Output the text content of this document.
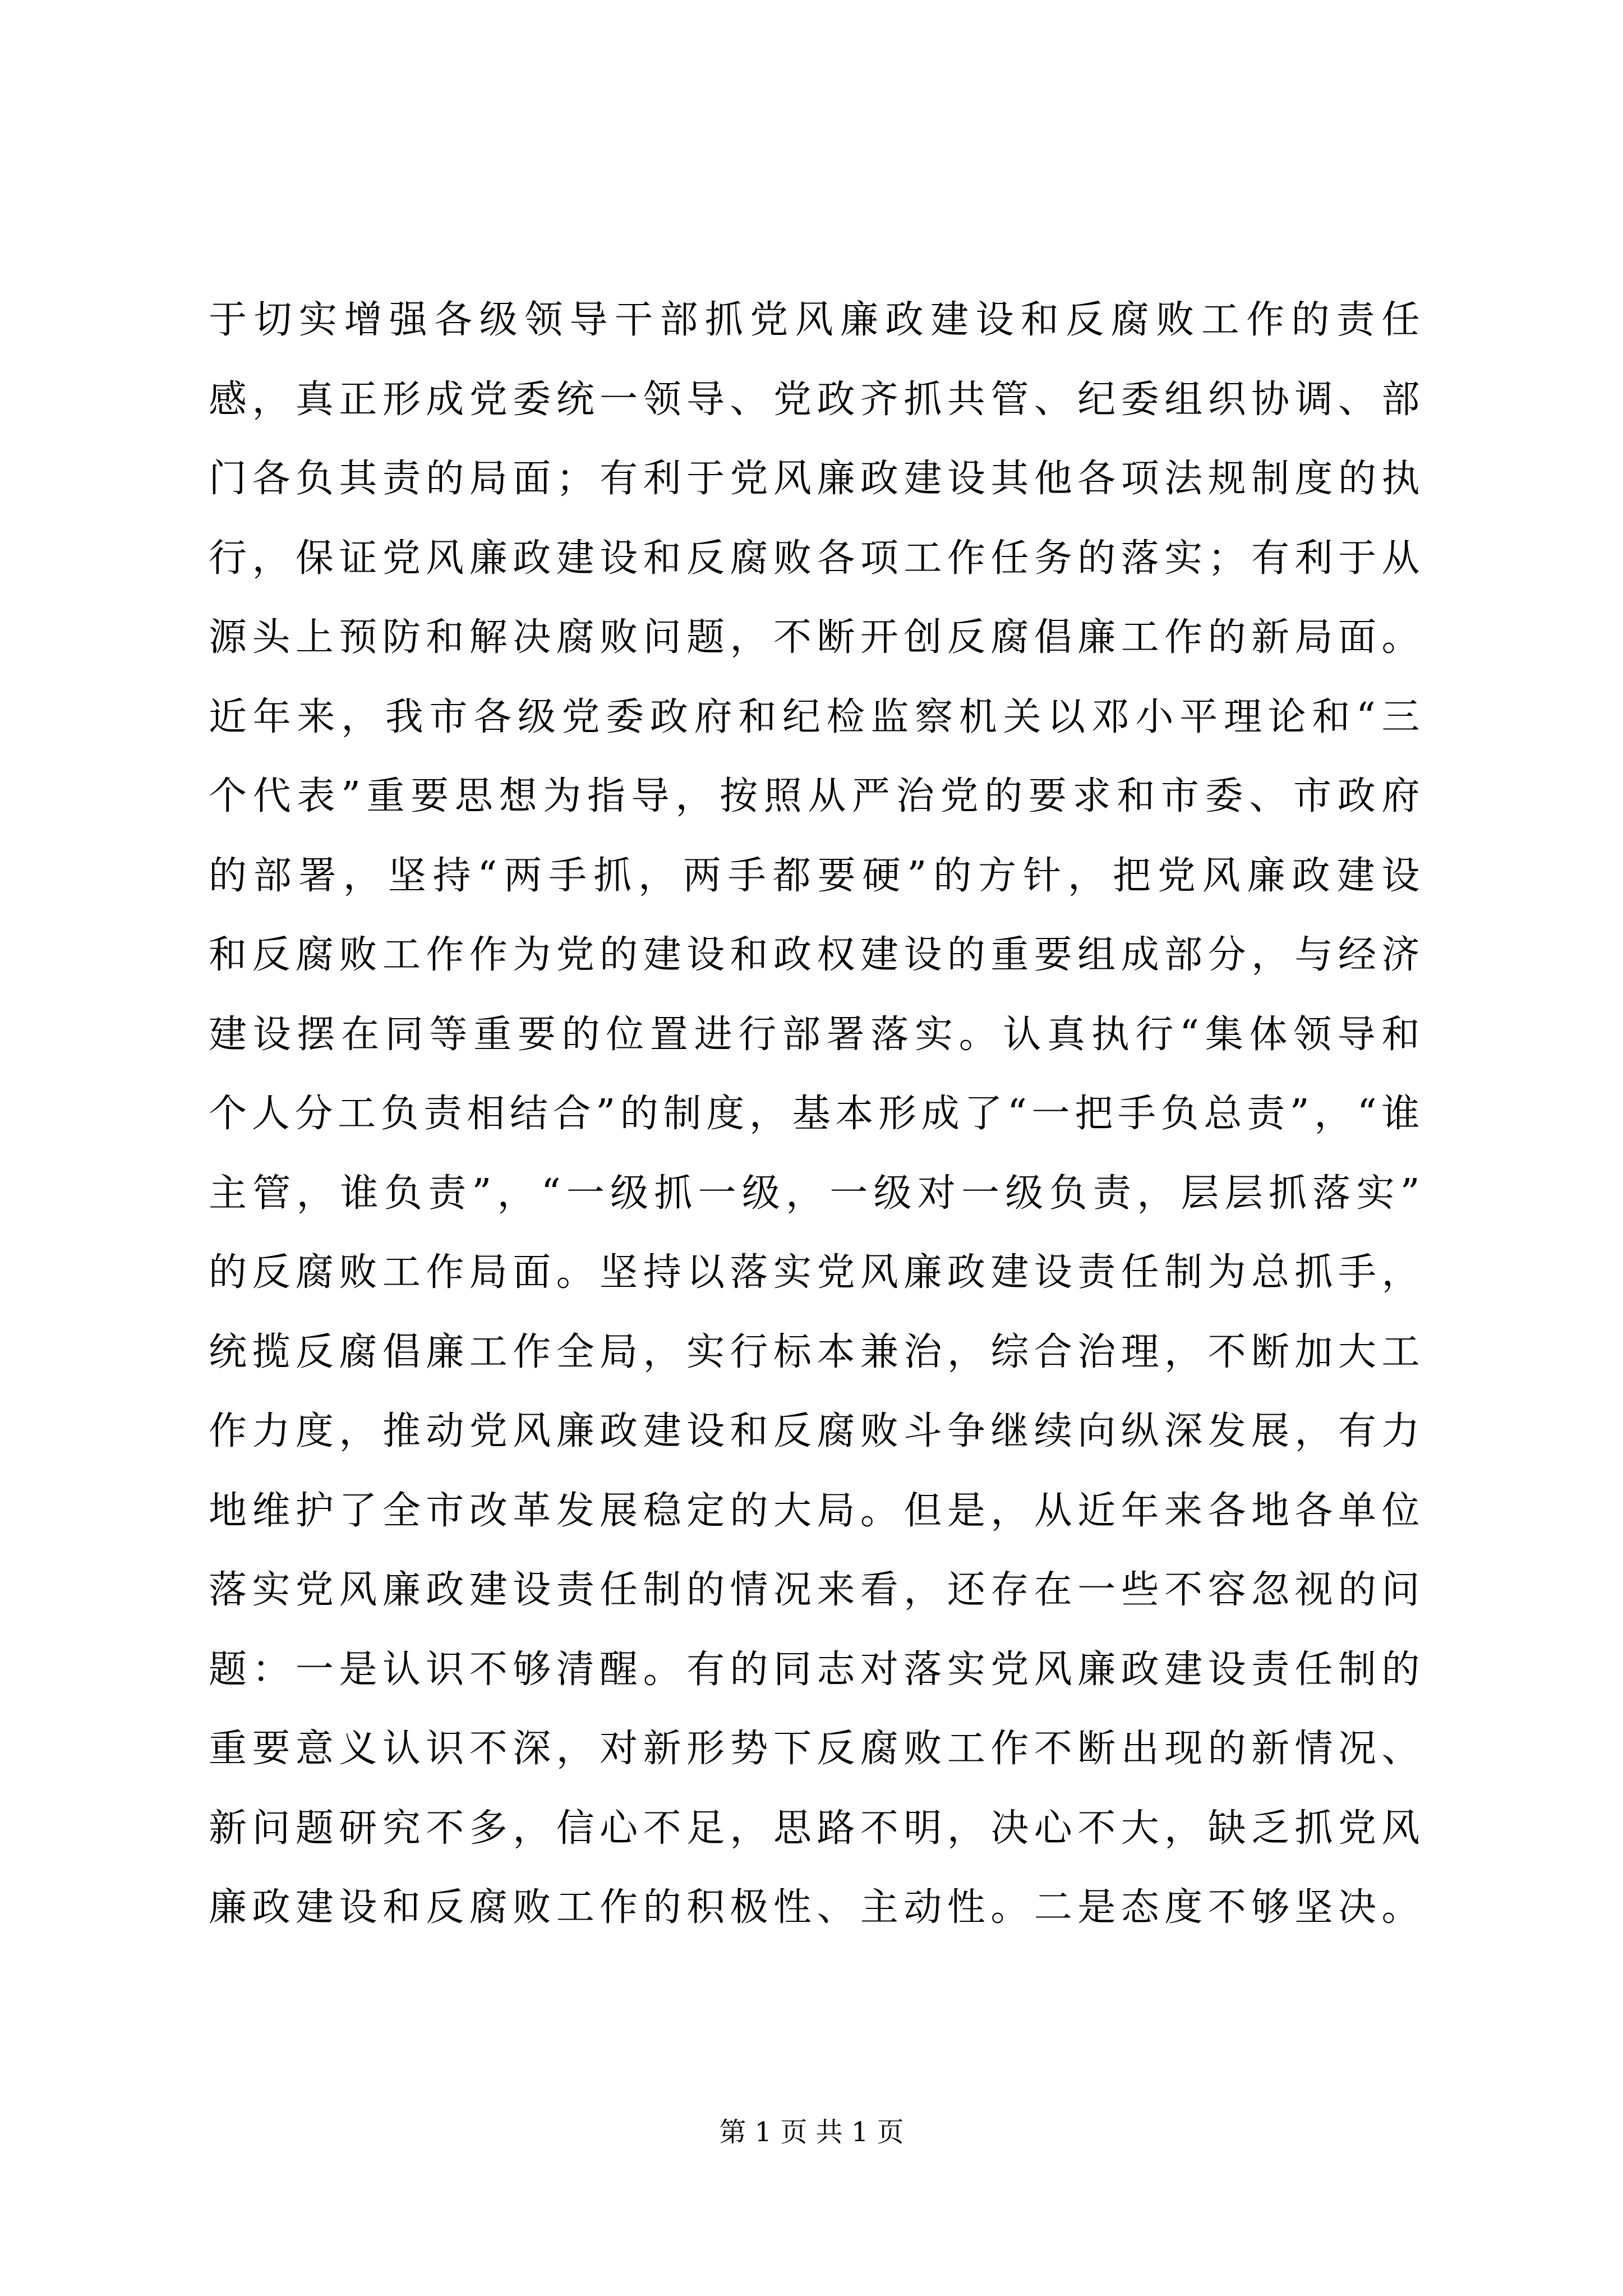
于切实增强各级领导干部抓党风廉政建设和反腐败工作的责任
感，真正形成党委统一领导、党政齐抓共管、纪委组织协调、部
门各负其责的局面；有利于党风廉政建设其他各项法规制度的执
行，保证党风廉政建设和反腐败各项工作任务的落实；有利于从
源头上预防和解决腐败问题，不断开创反腐倡廉工作的新局面。
近年来，我市各级党委政府和纪检监察机关以邓小平理论和“三
个代表”重要思想为指导，按照从严治党的要求和市委、市政府
的部署，坚持“两手抓，两手都要硬”的方针，把党风廉政建设
和反腐败工作作为党的建设和政权建设的重要组成部分，与经济
建设摆在同等重要的位置进行部署落实。认真执行“集体领导和
个人分工负责相结合”的制度，基本形成了“一把手负总责”，“谁
主管，谁负责”，“一级抓一级，一级对一级负责，层层抓落实”
的反腐败工作局面。坚持以落实党风廉政建设责任制为总抓手，
统揽反腐倡廉工作全局，实行标本兼治，综合治理，不断加大工
作力度，推动党风廉政建设和反腐败斗争继续向纵深发展，有力
地维护了全市改革发展稳定的大局。但是，从近年来各地各单位
落实党风廉政建设责任制的情况来看，还存在一些不容忽视的问
题：一是认识不够清醒。有的同志对落实党风廉政建设责任制的
重要意义认识不深，对新形势下反腐败工作不断出现的新情况、
新问题研究不多，信心不足，思路不明，决心不大，缺乏抓党风
廉政建设和反腐败工作的积极性、主动性。二是态度不够坚决。
第 1 页 共 1 页
